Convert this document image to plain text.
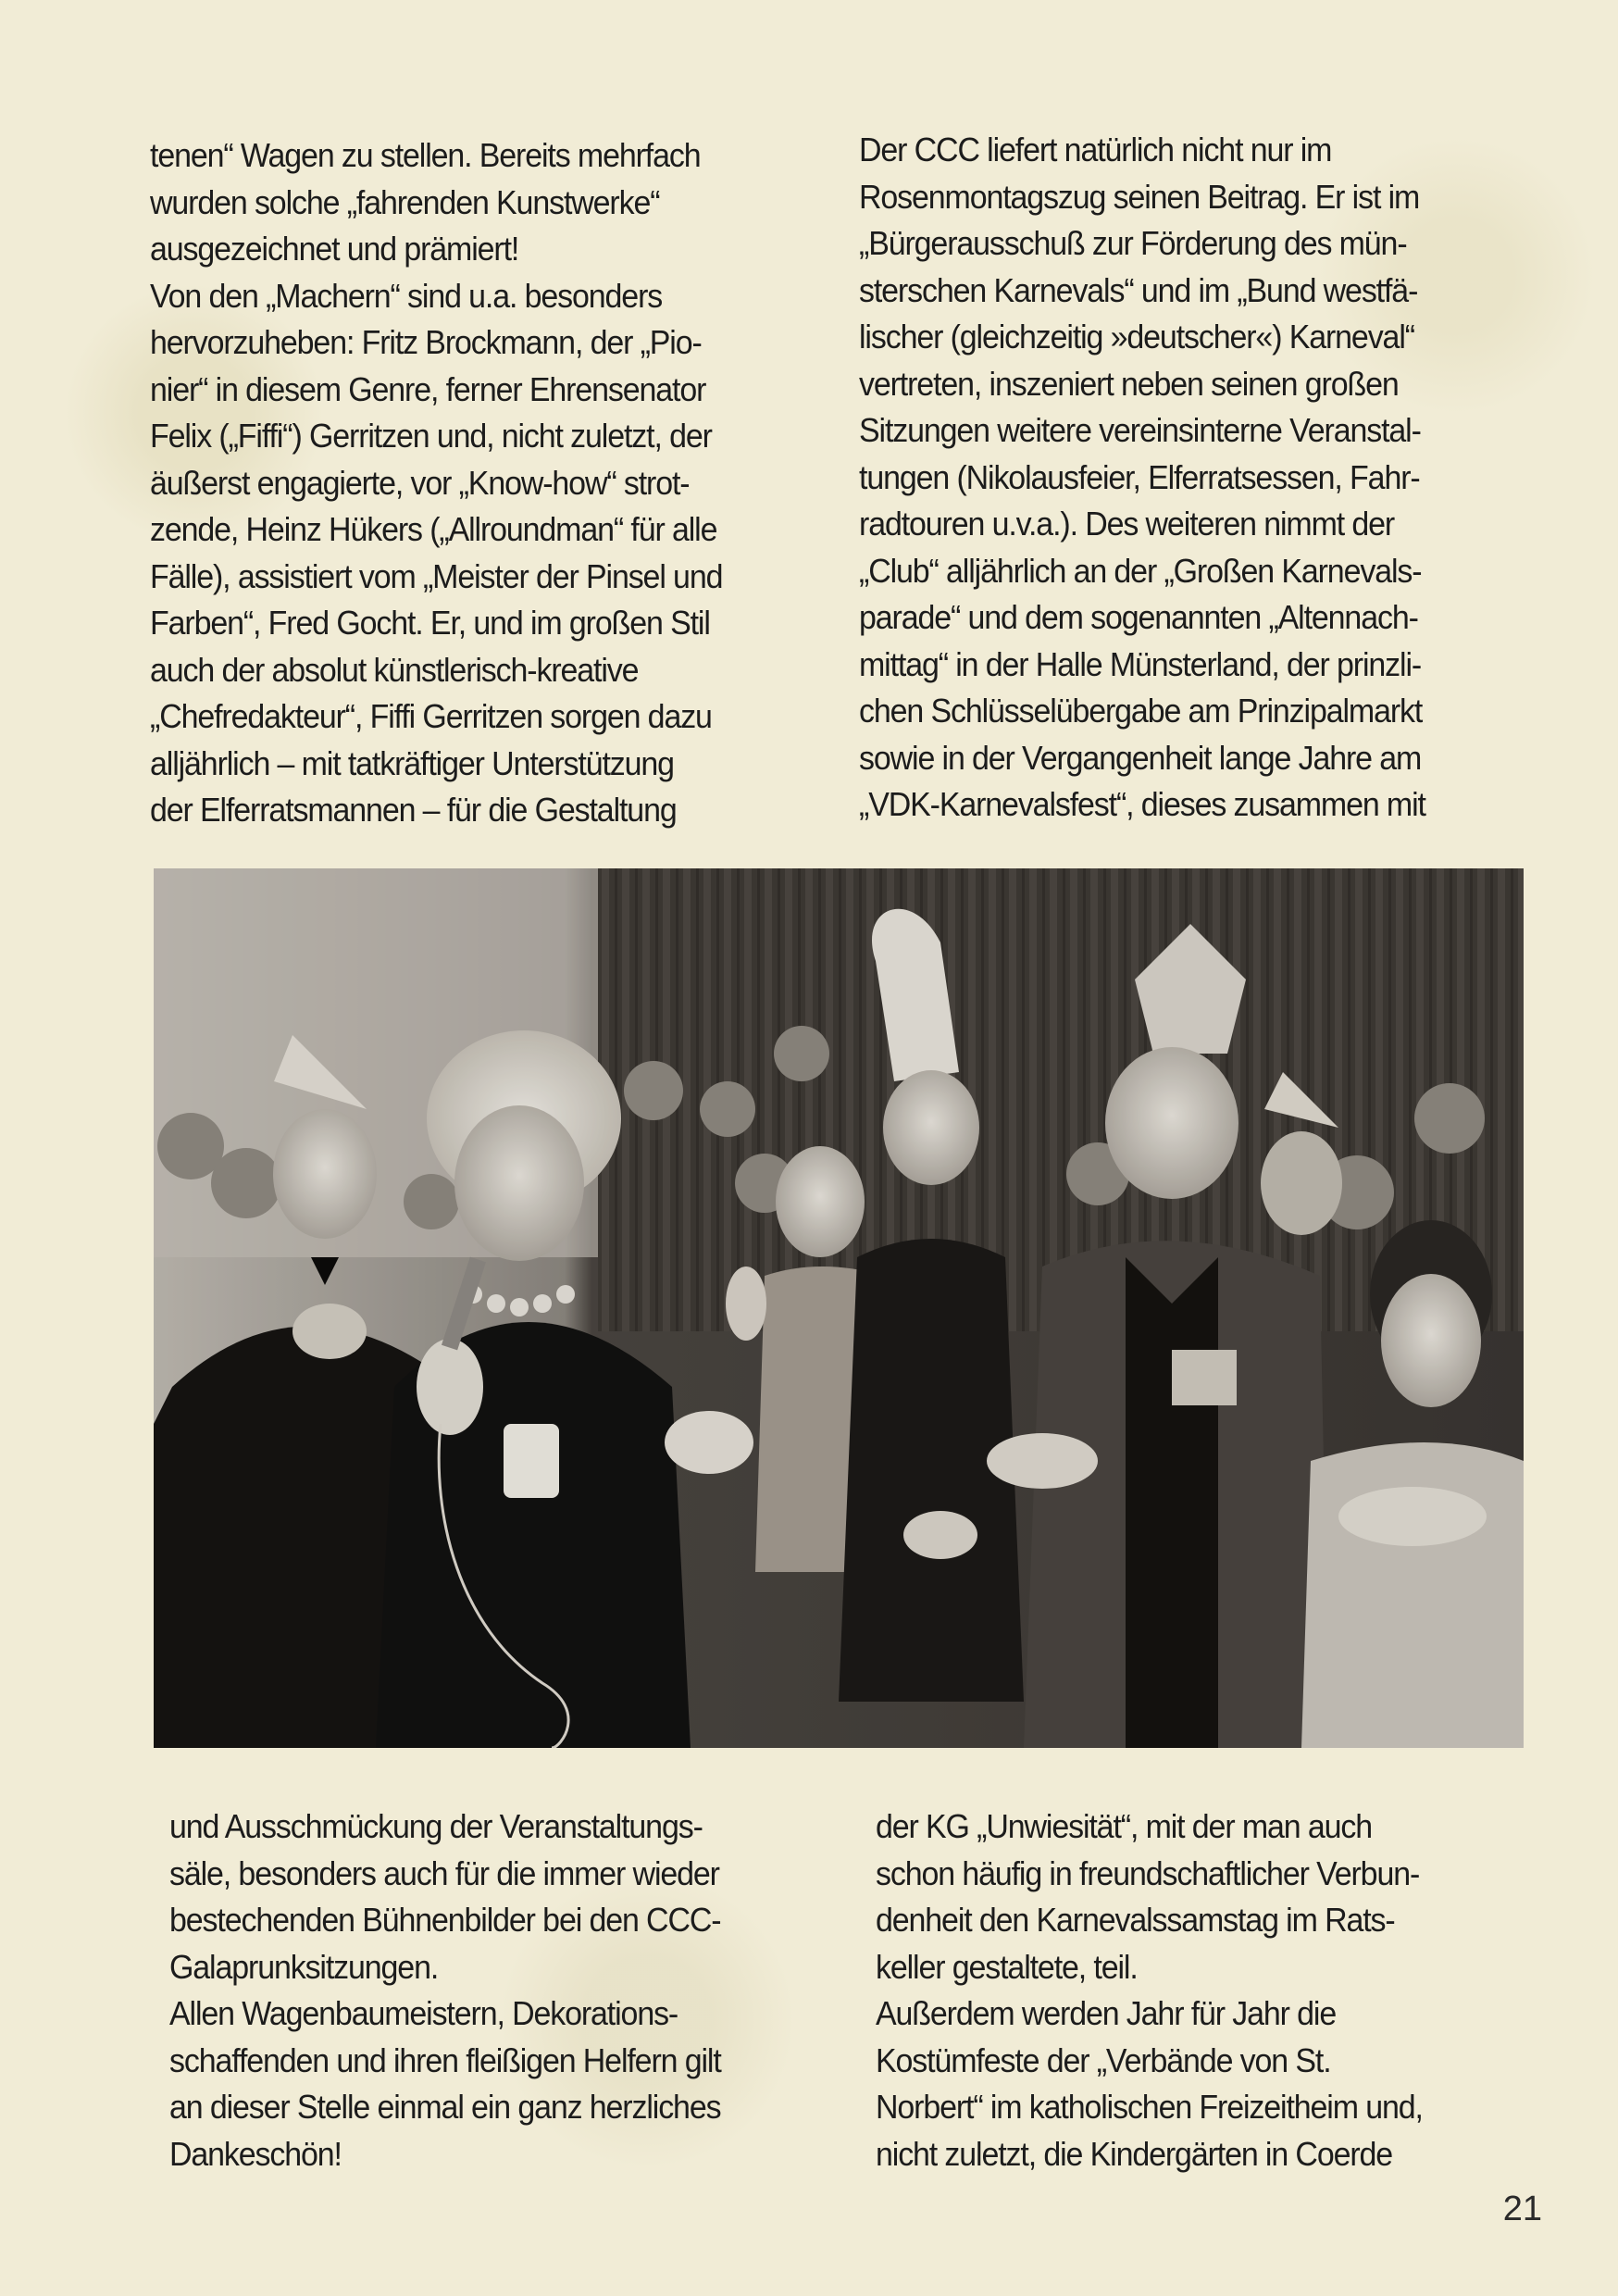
tenen“ Wagen zu stellen. Bereits mehrfach
wurden solche „fahrenden Kunstwerke“
ausgezeichnet und prämiert!
Von den „Machern“ sind u.a. besonders
hervorzuheben: Fritz Brockmann, der „Pio-
nier“ in diesem Genre, ferner Ehrensenator
Felix („Fiffi“) Gerritzen und, nicht zuletzt, der
äußerst engagierte, vor „Know-how“ strot-
zende, Heinz Hükers („Allroundman“ für alle
Fälle), assistiert vom „Meister der Pinsel und
Farben“, Fred Gocht. Er, und im großen Stil
auch der absolut künstlerisch-kreative
„Chefredakteur“, Fiffi Gerritzen sorgen dazu
alljährlich – mit tatkräftiger Unterstützung
der Elferratsmannen – für die Gestaltung
Der CCC liefert natürlich nicht nur im
Rosenmontagszug seinen Beitrag. Er ist im
„Bürgerausschuß zur Förderung des mün-
sterschen Karnevals“ und im „Bund westfä-
lischer (gleichzeitig »deutscher«) Karneval“
vertreten, inszeniert neben seinen großen
Sitzungen weitere vereinsinterne Veranstal-
tungen (Nikolausfeier, Elferratsessen, Fahr-
radtouren u.v.a.). Des weiteren nimmt der
„Club“ alljährlich an der „Großen Karnevals-
parade“ und dem sogenannten „Altennach-
mittag“ in der Halle Münsterland, der prinzli-
chen Schlüsselübergabe am Prinzipalmarkt
sowie in der Vergangenheit lange Jahre am
„VDK-Karnevalsfest“, dieses zusammen mit
und Ausschmückung der Veranstaltungs-
säle, besonders auch für die immer wieder
bestechenden Bühnenbilder bei den CCC-
Galaprunksitzungen.
Allen Wagenbaumeistern, Dekorations-
schaffenden und ihren fleißigen Helfern gilt
an dieser Stelle einmal ein ganz herzliches
Dankeschön!
der KG „Unwiesität“, mit der man auch
schon häufig in freundschaftlicher Verbun-
denheit den Karnevalssamstag im Rats-
keller gestaltete, teil.
Außerdem werden Jahr für Jahr die
Kostümfeste der „Verbände von St.
Norbert“ im katholischen Freizeitheim und,
nicht zuletzt, die Kindergärten in Coerde
21
